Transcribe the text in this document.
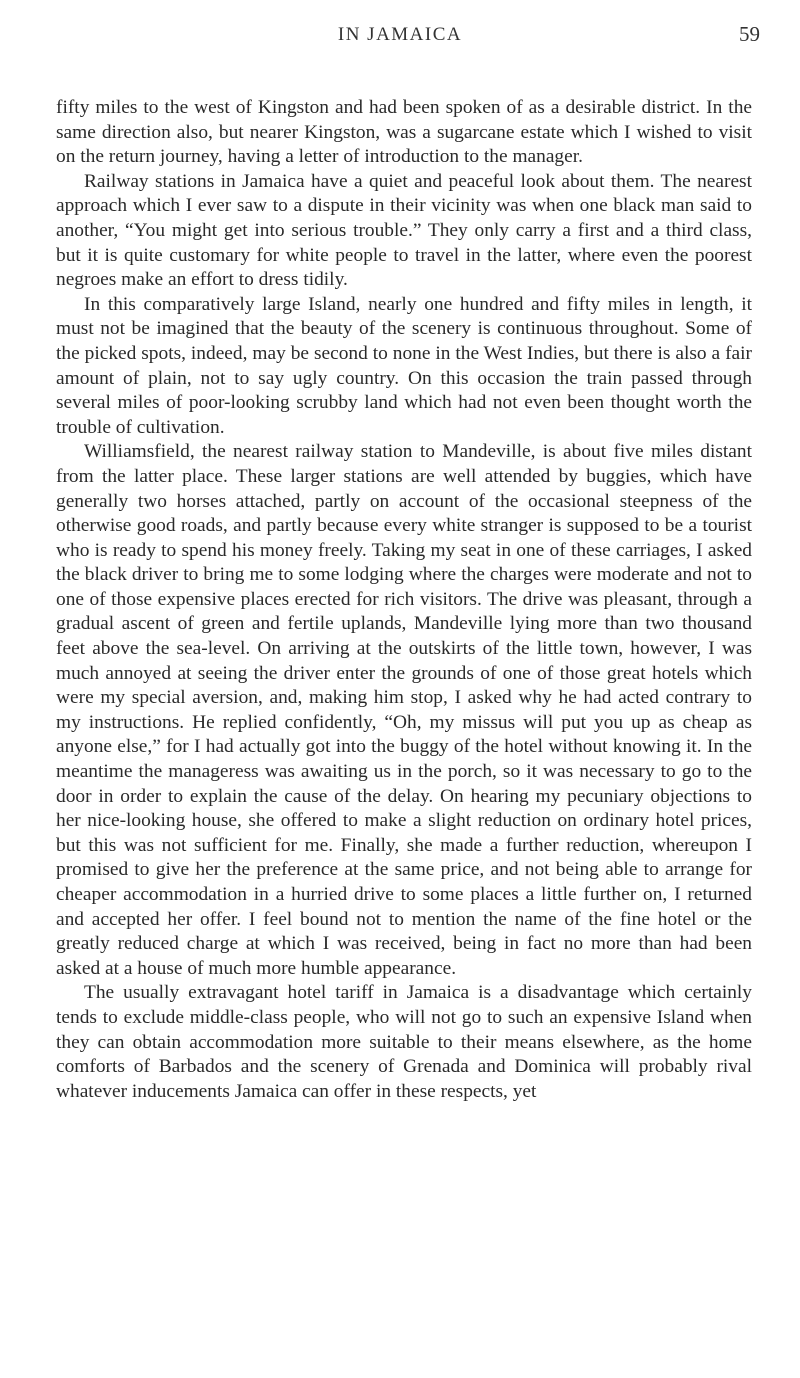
IN JAMAICA	59

fifty miles to the west of Kingston and had been spoken of as a desirable district. In the same direction also, but nearer Kingston, was a sugarcane estate which I wished to visit on the return journey, having a letter of introduction to the manager.

Railway stations in Jamaica have a quiet and peaceful look about them. The nearest approach which I ever saw to a dispute in their vicinity was when one black man said to another, “You might get into serious trouble.” They only carry a first and a third class, but it is quite customary for white people to travel in the latter, where even the poorest negroes make an effort to dress tidily.

In this comparatively large Island, nearly one hundred and fifty miles in length, it must not be imagined that the beauty of the scenery is continuous throughout. Some of the picked spots, indeed, may be second to none in the West Indies, but there is also a fair amount of plain, not to say ugly country. On this occasion the train passed through several miles of poor-looking scrubby land which had not even been thought worth the trouble of cultivation.

Williamsfield, the nearest railway station to Mandeville, is about five miles distant from the latter place. These larger stations are well attended by buggies, which have generally two horses attached, partly on account of the occasional steepness of the otherwise good roads, and partly because every white stranger is supposed to be a tourist who is ready to spend his money freely. Taking my seat in one of these carriages, I asked the black driver to bring me to some lodging where the charges were moderate and not to one of those expensive places erected for rich visitors. The drive was pleasant, through a gradual ascent of green and fertile uplands, Mandeville lying more than two thousand feet above the sea-level. On arriving at the outskirts of the little town, however, I was much annoyed at seeing the driver enter the grounds of one of those great hotels which were my special aversion, and, making him stop, I asked why he had acted contrary to my instructions. He replied confidently, “Oh, my missus will put you up as cheap as anyone else,” for I had actually got into the buggy of the hotel without knowing it. In the meantime the manageress was awaiting us in the porch, so it was necessary to go to the door in order to explain the cause of the delay. On hearing my pecuniary objections to her nice-looking house, she offered to make a slight reduction on ordinary hotel prices, but this was not sufficient for me. Finally, she made a further reduction, whereupon I promised to give her the preference at the same price, and not being able to arrange for cheaper accommodation in a hurried drive to some places a little further on, I returned and accepted her offer. I feel bound not to mention the name of the fine hotel or the greatly reduced charge at which I was received, being in fact no more than had been asked at a house of much more humble appearance.

The usually extravagant hotel tariff in Jamaica is a disadvantage which certainly tends to exclude middle-class people, who will not go to such an expensive Island when they can obtain accommodation more suitable to their means elsewhere, as the home comforts of Barbados and the scenery of Grenada and Dominica will probably rival whatever inducements Jamaica can offer in these respects, yet
